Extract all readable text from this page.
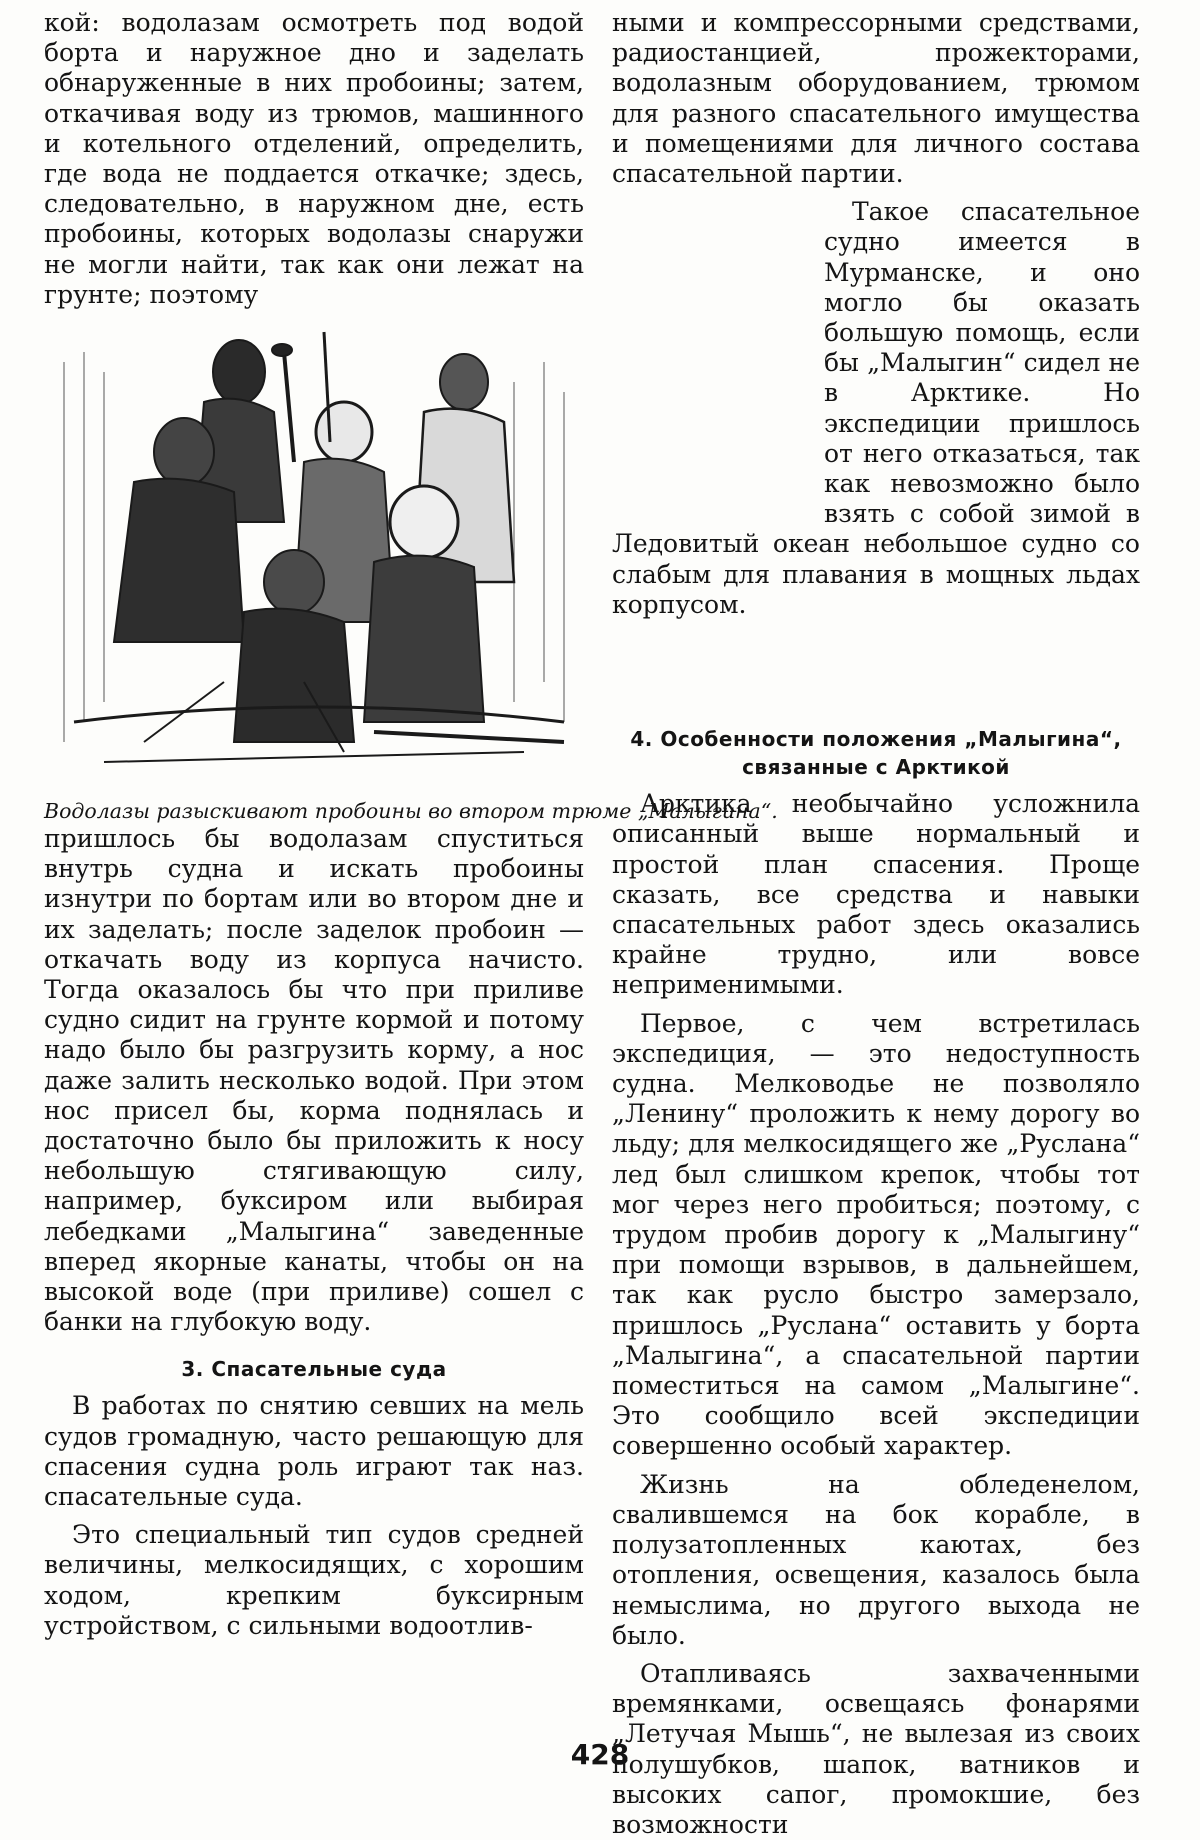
кой: водолазам осмотреть под водой борта и наружное дно и заделать обнаруженные в них пробоины; затем, откачивая воду из трюмов, машинного и котельного отделений, определить, где вода не поддается откачке; здесь, следовательно, в наружном дне, есть пробоины, которых водолазы снаружи не могли найти, так как они лежат на грунте; поэтому

Водолазы разыскивают пробоины во втором трюме „Малыгина“.

пришлось бы водолазам спуститься внутрь судна и искать пробоины изнутри по бортам или во втором дне и их заделать; после заделок пробоин — откачать воду из корпуса начисто. Тогда оказалось бы что при приливе судно сидит на грунте кормой и потому надо было бы разгрузить корму, а нос даже залить несколько водой. При этом нос присел бы, корма поднялась и достаточно было бы приложить к носу небольшую стягивающую силу, например, буксиром или выбирая лебедками „Малыгина“ заведенные вперед якорные канаты, чтобы он на высокой воде (при приливе) сошел с банки на глубокую воду.

3. Спасательные суда

В работах по снятию севших на мель судов громадную, часто решающую для спасения судна роль играют так наз. спасательные суда.

Это специальный тип судов средней величины, мелкосидящих, с хорошим ходом, крепким буксирным устройством, с сильными водоотлив-

ными и компрессорными средствами, радиостанцией, прожекторами, водолазным оборудованием, трюмом для разного спасательного имущества и помещениями для личного состава спасательной партии.

Такое спасательное судно имеется в Мурманске, и оно могло бы оказать большую помощь, если бы „Малыгин“ сидел не в Арктике. Но экспедиции пришлось от него отказаться, так как невозможно было взять с собой зимой в Ледовитый океан небольшое судно со слабым для плавания в мощных льдах корпусом.

4. Особенности положения „Малыгина“, связанные с Арктикой

Арктика необычайно усложнила описанный выше нормальный и простой план спасения. Проще сказать, все средства и навыки спасательных работ здесь оказались крайне трудно, или вовсе неприменимыми.

Первое, с чем встретилась экспедиция, — это недоступность судна. Мелководье не позволяло „Ленину“ проложить к нему дорогу во льду; для мелкосидящего же „Руслана“ лед был слишком крепок, чтобы тот мог через него пробиться; поэтому, с трудом пробив дорогу к „Малыгину“ при помощи взрывов, в дальнейшем, так как русло быстро замерзало, пришлось „Руслана“ оставить у борта „Малыгина“, а спасательной партии поместиться на самом „Малыгине“. Это сообщило всей экспедиции совершенно особый характер.

Жизнь на обледенелом, свалившемся на бок корабле, в полузатопленных каютах, без отопления, освещения, казалось была немыслима, но другого выхода не было.

Отапливаясь захваченными времянками, освещаясь фонарями „Летучая Мышь“, не вылезая из своих полушубков, шапок, ватников и высоких сапог, промокшие, без возможности

428
